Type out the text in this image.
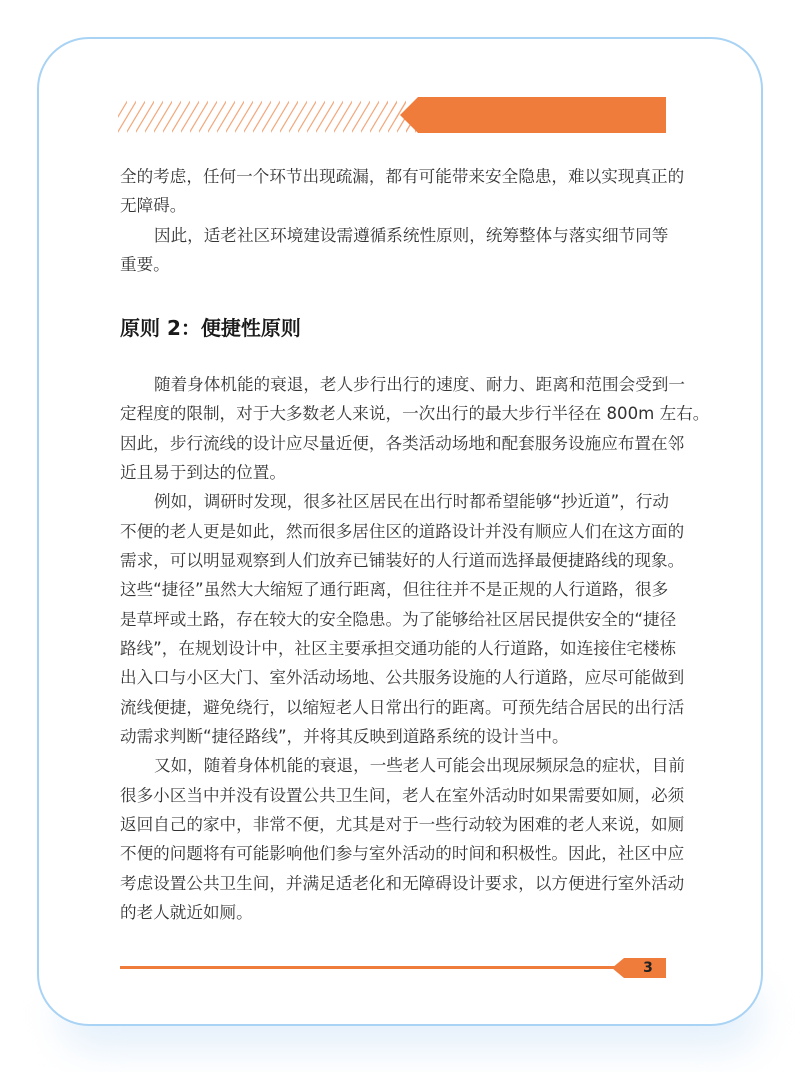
全的考虑，任何一个环节出现疏漏，都有可能带来安全隐患，难以实现真正的
无障碍。
因此，适老社区环境建设需遵循系统性原则，统筹整体与落实细节同等
重要。
原则 2：便捷性原则
随着身体机能的衰退，老人步行出行的速度、耐力、距离和范围会受到一
定程度的限制，对于大多数老人来说，一次出行的最大步行半径在 800m 左右。
因此，步行流线的设计应尽量近便，各类活动场地和配套服务设施应布置在邻
近且易于到达的位置。
例如，调研时发现，很多社区居民在出行时都希望能够“抄近道”，行动
不便的老人更是如此，然而很多居住区的道路设计并没有顺应人们在这方面的
需求，可以明显观察到人们放弃已铺装好的人行道而选择最便捷路线的现象。
这些“捷径”虽然大大缩短了通行距离，但往往并不是正规的人行道路，很多
是草坪或土路，存在较大的安全隐患。为了能够给社区居民提供安全的“捷径
路线”，在规划设计中，社区主要承担交通功能的人行道路，如连接住宅楼栋
出入口与小区大门、室外活动场地、公共服务设施的人行道路，应尽可能做到
流线便捷，避免绕行，以缩短老人日常出行的距离。可预先结合居民的出行活
动需求判断“捷径路线”，并将其反映到道路系统的设计当中。
又如，随着身体机能的衰退，一些老人可能会出现尿频尿急的症状，目前
很多小区当中并没有设置公共卫生间，老人在室外活动时如果需要如厕，必须
返回自己的家中，非常不便，尤其是对于一些行动较为困难的老人来说，如厕
不便的问题将有可能影响他们参与室外活动的时间和积极性。因此，社区中应
考虑设置公共卫生间，并满足适老化和无障碍设计要求，以方便进行室外活动
的老人就近如厕。
3
